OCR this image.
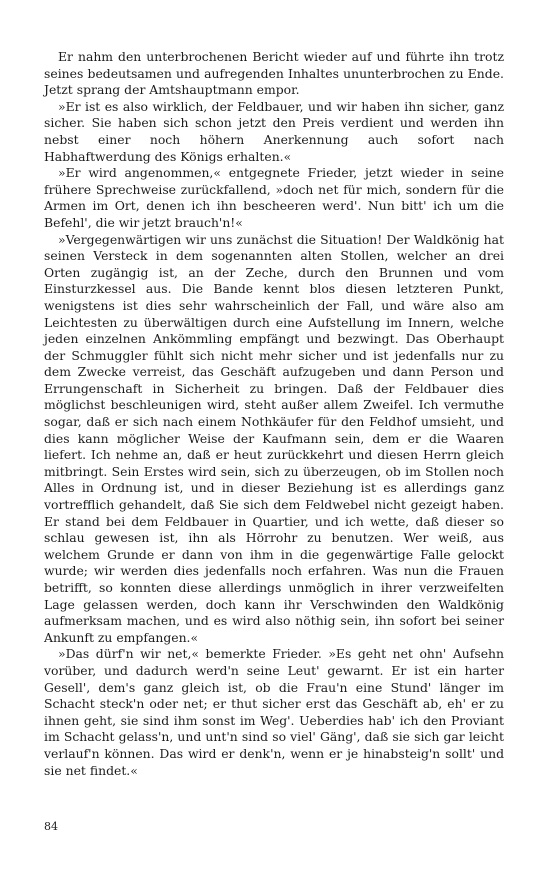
Er nahm den unterbrochenen Bericht wieder auf und führte ihn trotz seines bedeutsamen und aufregenden Inhaltes ununterbrochen zu Ende. Jetzt sprang der Amtshauptmann empor.

»Er ist es also wirklich, der Feldbauer, und wir haben ihn sicher, ganz sicher. Sie haben sich schon jetzt den Preis verdient und werden ihn nebst einer noch höhern Anerkennung auch sofort nach Habhaftwerdung des Königs erhalten.«

»Er wird angenommen,« entgegnete Frieder, jetzt wieder in seine frühere Sprechweise zurückfallend, »doch net für mich, sondern für die Armen im Ort, denen ich ihn bescheeren werd'. Nun bitt' ich um die Befehl', die wir jetzt brauch'n!«

»Vergegenwärtigen wir uns zunächst die Situation! Der Waldkönig hat seinen Versteck in dem sogenannten alten Stollen, welcher an drei Orten zugängig ist, an der Zeche, durch den Brunnen und vom Einsturzkessel aus. Die Bande kennt blos diesen letzteren Punkt, wenigstens ist dies sehr wahrscheinlich der Fall, und wäre also am Leichtesten zu überwältigen durch eine Aufstellung im Innern, welche jeden einzelnen Ankömmling empfängt und bezwingt. Das Oberhaupt der Schmuggler fühlt sich nicht mehr sicher und ist jedenfalls nur zu dem Zwecke verreist, das Geschäft aufzugeben und dann Person und Errungenschaft in Sicherheit zu bringen. Daß der Feldbauer dies möglichst beschleunigen wird, steht außer allem Zweifel. Ich vermuthe sogar, daß er sich nach einem Nothkäufer für den Feldhof umsieht, und dies kann möglicher Weise der Kaufmann sein, dem er die Waaren liefert. Ich nehme an, daß er heut zurückkehrt und diesen Herrn gleich mitbringt. Sein Erstes wird sein, sich zu überzeugen, ob im Stollen noch Alles in Ordnung ist, und in dieser Beziehung ist es allerdings ganz vortrefflich gehandelt, daß Sie sich dem Feldwebel nicht gezeigt haben. Er stand bei dem Feldbauer in Quartier, und ich wette, daß dieser so schlau gewesen ist, ihn als Hörrohr zu benutzen. Wer weiß, aus welchem Grunde er dann von ihm in die gegenwärtige Falle gelockt wurde; wir werden dies jedenfalls noch erfahren. Was nun die Frauen betrifft, so konnten diese allerdings unmöglich in ihrer verzweifelten Lage gelassen werden, doch kann ihr Verschwinden den Waldkönig aufmerksam machen, und es wird also nöthig sein, ihn sofort bei seiner Ankunft zu empfangen.«

»Das dürf'n wir net,« bemerkte Frieder. »Es geht net ohn' Aufsehn vorüber, und dadurch werd'n seine Leut' gewarnt. Er ist ein harter Gesell', dem's ganz gleich ist, ob die Frau'n eine Stund' länger im Schacht steck'n oder net; er thut sicher erst das Geschäft ab, eh' er zu ihnen geht, sie sind ihm sonst im Weg'. Ueberdies hab' ich den Proviant im Schacht gelass'n, und unt'n sind so viel' Gäng', daß sie sich gar leicht verlauf'n können. Das wird er denk'n, wenn er je hinabsteig'n sollt' und sie net findet.«

84
